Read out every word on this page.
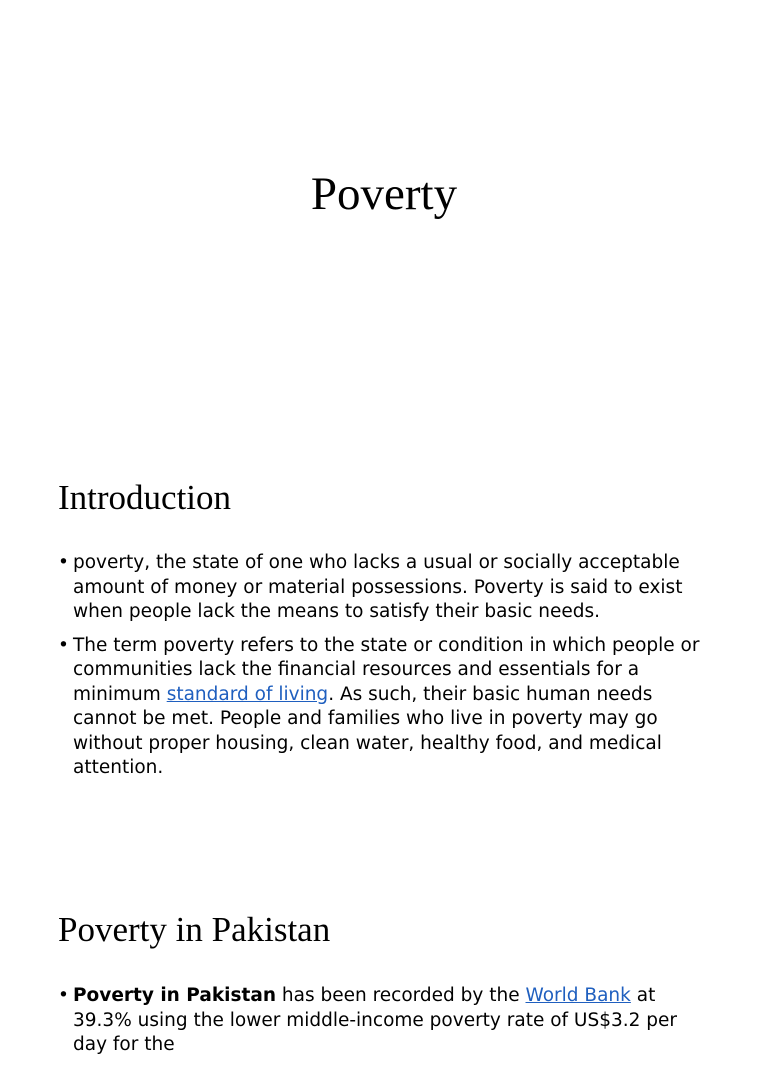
Poverty
Introduction
• poverty, the state of one who lacks a usual or socially acceptable amount of money or material possessions. Poverty is said to exist when people lack the means to satisfy their basic needs.
• The term poverty refers to the state or condition in which people or communities lack the financial resources and essentials for a minimum standard of living. As such, their basic human needs cannot be met. People and families who live in poverty may go without proper housing, clean water, healthy food, and medical attention.
Poverty in Pakistan
• Poverty in Pakistan has been recorded by the World Bank at 39.3% using the lower middle-income poverty rate of US$3.2 per day for the
